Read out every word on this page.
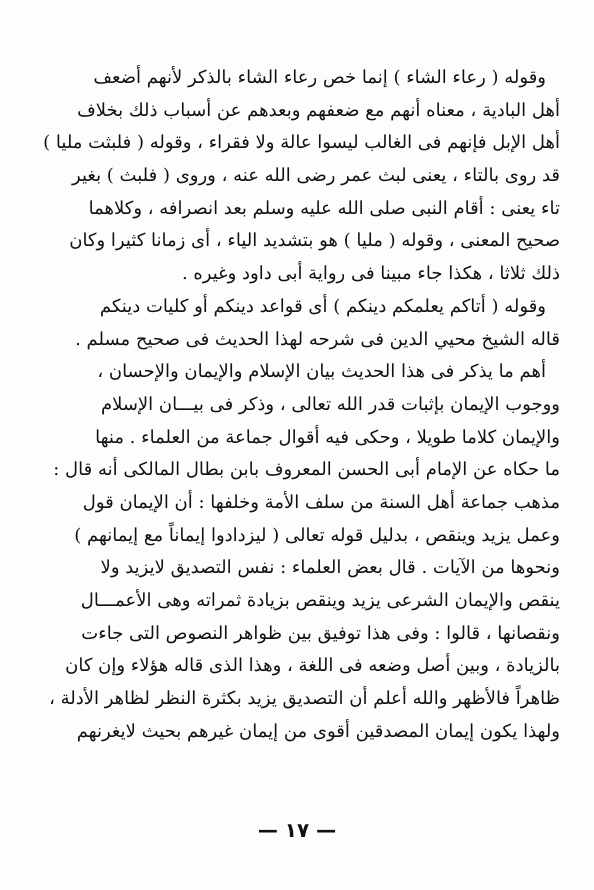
وقوله ( رعاء الشاء ) إنما خص رعاء الشاء بالذكر لأنهم أضعف
أهل البادية ، معناه أنهم مع ضعفهم وبعدهم عن أسباب ذلك بخلاف
أهل الإبل فإنهم فى الغالب ليسوا عالة ولا فقراء ، وقوله ( فلبثت مليا )
قد روى بالتاء ، يعنى لبث عمر رضى الله عنه ، وروى ( فلبث ) بغير
تاء يعنى : أقام النبى صلى الله عليه وسلم بعد انصرافه ، وكلاهما
صحيح المعنى ، وقوله ( مليا ) هو بتشديد الياء ، أى زمانا كثيرا وكان
ذلك ثلاثا ، هكذا جاء مبينا فى رواية أبى داود وغيره .
وقوله ( أتاكم يعلمكم دينكم ) أى قواعد دينكم أو كليات دينكم
قاله الشيخ محيي الدين فى شرحه لهذا الحديث فى صحيح مسلم .
أهم ما يذكر فى هذا الحديث بيان الإسلام والإيمان والإحسان ،
ووجوب الإيمان بإثبات قدر الله تعالى ، وذكر فى بيـــان الإسلام
والإيمان كلاما طويلا ، وحكى فيه أقوال جماعة من العلماء . منها
ما حكاه عن الإمام أبى الحسن المعروف بابن بطال المالكى أنه قال :
مذهب جماعة أهل السنة من سلف الأمة وخلفها : أن الإيمان قول
وعمل يزيد وينقص ، بدليل قوله تعالى ( ليزدادوا إيماناً مع إيمانهم )
ونحوها من الآيات . قال بعض العلماء : نفس التصديق لايزيد ولا
ينقص والإيمان الشرعى يزيد وينقص بزيادة ثمراته وهى الأعمـــال
ونقصانها ، قالوا : وفى هذا توفيق بين ظواهر النصوص التى جاءت
بالزيادة ، وبين أصل وضعه فى اللغة ، وهذا الذى قاله هؤلاء وإن كان
ظاهراً فالأظهر والله أعلم أن التصديق يزيد بكثرة النظر لظاهر الأدلة ،
ولهذا يكون إيمان المصدقين أقوى من إيمان غيرهم بحيث لايغرنهم
— ١٧ —
